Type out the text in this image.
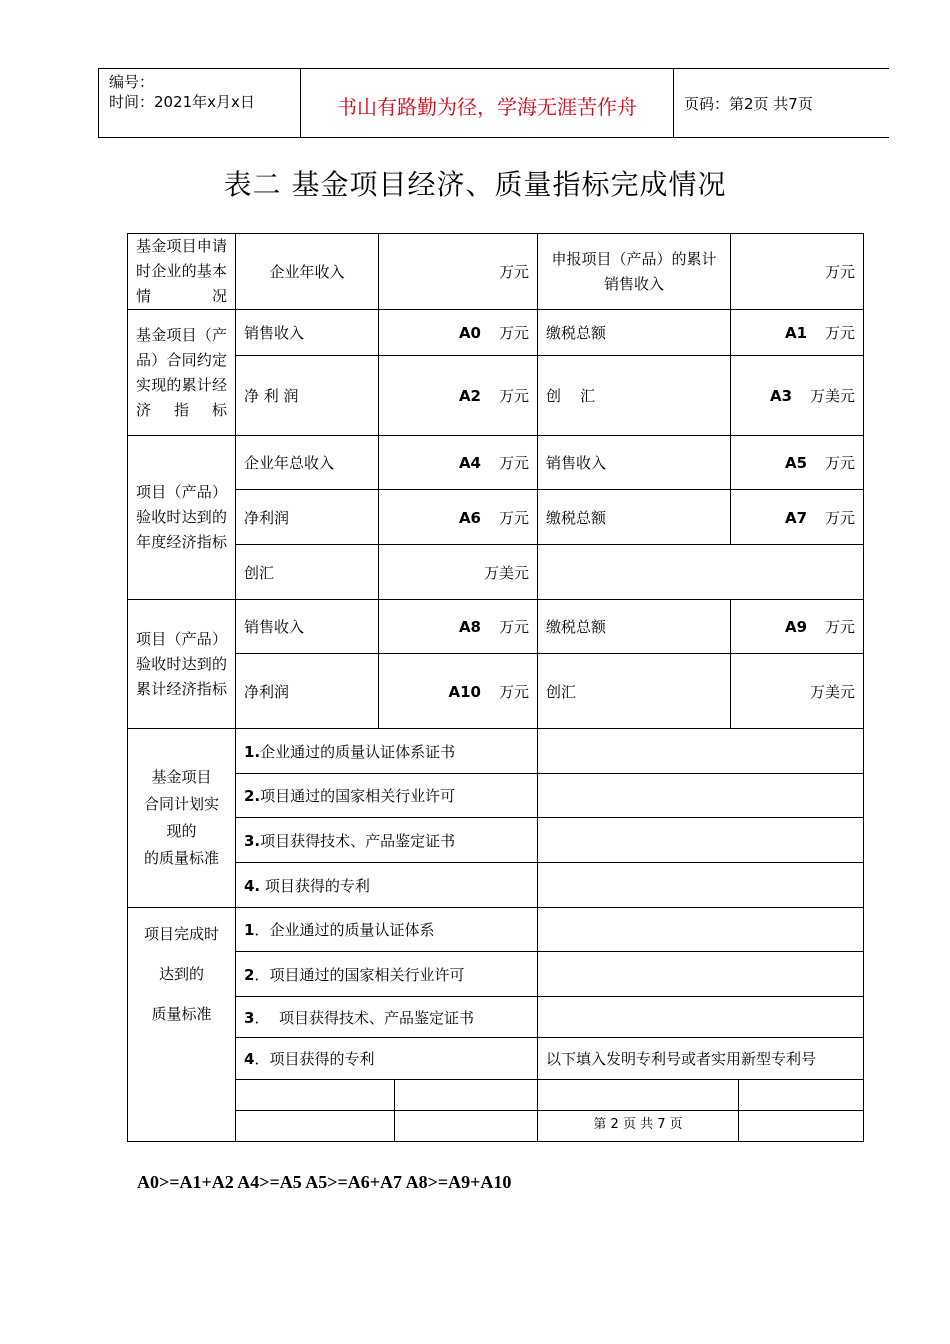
编号：
时间：2021年x月x日	书山有路勤为径，学海无涯苦作舟	页码：第2页 共7页
表二 基金项目经济、质量指标完成情况
基金项目申请时企业的基本情况	企业年收入	万元		申报项目（产品）的累计销售收入	万元	
基金项目（产品）合同约定实现的累计经济指标	销售收入	A0 万元		缴税总额	A1 万元	
	净 利 润	A2 万元		创    汇	A3 万美元	
项目（产品）验收时达到的年度经济指标	企业年总收入	A4 万元		销售收入	A5 万元	
	净利润	A6 万元		缴税总额	A7 万元	
	创汇	万美元				
项目（产品）验收时达到的累计经济指标	销售收入	A8 万元		缴税总额	A9 万元	
	净利润	A10 万元		创汇	万美元	

基金项目
合同计划实
现的
的质量标准	1.企业通过的质量认证体系证书					
	2.项目通过的国家相关行业许可					
	3.项目获得技术、产品鉴定证书					
	4. 项目获得的专利					

项目完成时
达到的
质量标准	1．企业通过的质量认证体系					
	2．项目通过的国家相关行业许可					
	3．  项目获得技术、产品鉴定证书					
	4．项目获得的专利			以下填入发明专利号或者实用新型专利号		

				第 2 页 共 7 页		
A0>=A1+A2 A4>=A5 A5>=A6+A7 A8>=A9+A10
